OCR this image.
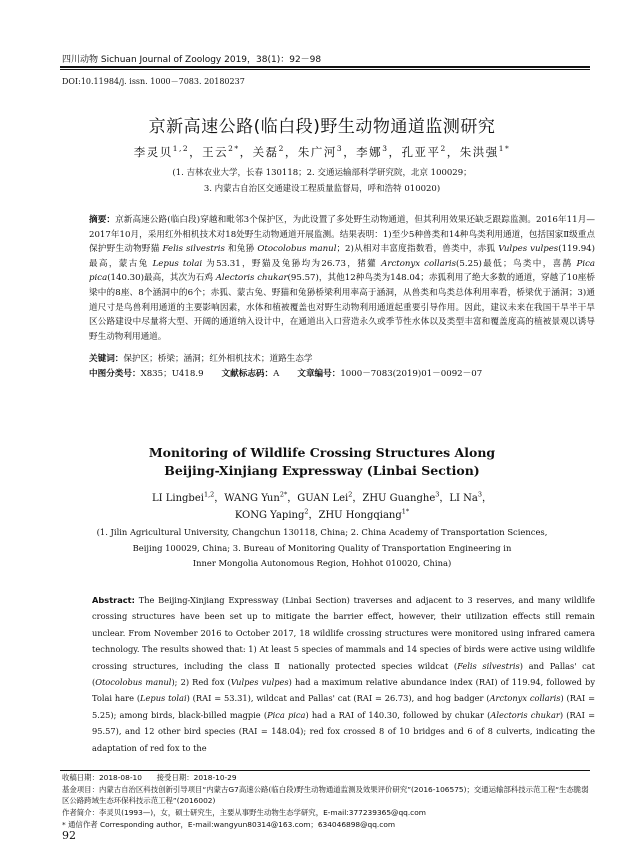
四川动物 Sichuan Journal of Zoology 2019，38(1)：92－98
DOI:10.11984/j. issn. 1000－7083. 20180237
京新高速公路(临白段)野生动物通道监测研究
李灵贝$^{1,2}$，王云$^{2*}$，关磊$^2$，朱广河$^3$，李娜$^3$，孔亚平$^2$，朱洪强$^{1*}$
(1. 吉林农业大学，长春 130118；2. 交通运输部科学研究院，北京 100029；
3. 内蒙古自治区交通建设工程质量监督局，呼和浩特 010020)
摘要：京新高速公路(临白段)穿越和毗邻3个保护区，为此设置了多处野生动物通道，但其利用效果还缺乏跟踪监测。2016年11月—2017年10月，采用红外相机技术对18处野生动物通道开展监测。结果表明：1)至少5种兽类和14种鸟类利用通道，包括国家Ⅱ级重点保护野生动物野猫 Felis silvestris 和兔狲 Otocolobus manul；2)从相对丰富度指数看，兽类中，赤狐 Vulpes vulpes(119.94)最高，蒙古兔 Lepus tolai 为53.31，野猫及兔狲均为26.73，猪獾 Arctonyx collaris(5.25)最低；鸟类中，喜鹊 Pica pica(140.30)最高，其次为石鸡 Alectoris chukar(95.57)，其他12种鸟类为148.04；赤狐利用了绝大多数的通道，穿越了10座桥梁中的8座、8个涵洞中的6个；赤狐、蒙古兔、野猫和兔狲桥梁利用率高于涵洞，从兽类和鸟类总体利用率看，桥梁优于涵洞；3)通道尺寸是鸟兽利用通道的主要影响因素，水体和植被覆盖也对野生动物利用通道起重要引导作用。因此，建议未来在我国干旱半干旱区公路建设中尽量将大型、开阔的通道纳入设计中，在通道出入口营造永久或季节性水体以及类型丰富和覆盖度高的植被景观以诱导野生动物利用通道。
关键词：保护区；桥梁；涵洞；红外相机技术；道路生态学
中图分类号：X835；U418.9 文献标志码：A 文章编号：1000－7083(2019)01－0092－07
Monitoring of Wildlife Crossing Structures Along
Beijing-Xinjiang Expressway (Linbai Section)
LI Lingbei$^{1,2}$，WANG Yun$^{2*}$，GUAN Lei$^2$，ZHU Guanghe$^3$，LI Na$^3$，
KONG Yaping$^2$，ZHU Hongqiang$^{1*}$
(1. Jilin Agricultural University, Changchun 130118, China; 2. China Academy of Transportation Sciences,
Beijing 100029, China; 3. Bureau of Monitoring Quality of Transportation Engineering in
Inner Mongolia Autonomous Region, Hohhot 010020, China)
Abstract: The Beijing-Xinjiang Expressway (Linbai Section) traverses and adjacent to 3 reserves, and many wildlife crossing structures have been set up to mitigate the barrier effect, however, their utilization effects still remain unclear. From November 2016 to October 2017, 18 wildlife crossing structures were monitored using infrared camera technology. The results showed that: 1) At least 5 species of mammals and 14 species of birds were active using wildlife crossing structures, including the class Ⅱ nationally protected species wildcat (Felis silvestris) and Pallas' cat (Otocolobus manul); 2) Red fox (Vulpes vulpes) had a maximum relative abundance index (RAI) of 119.94, followed by Tolai hare (Lepus tolai) (RAI = 53.31), wildcat and Pallas' cat (RAI = 26.73), and hog badger (Arctonyx collaris) (RAI = 5.25); among birds, black-billed magpie (Pica pica) had a RAI of 140.30, followed by chukar (Alectoris chukar) (RAI = 95.57), and 12 other bird species (RAI = 148.04); red fox crossed 8 of 10 bridges and 6 of 8 culverts, indicating the adaptation of red fox to the
收稿日期：2018-08-10　　接受日期：2018-10-29
基金项目：内蒙古自治区科技创新引导项目“内蒙古G7高速公路(临白段)野生动物通道监测及效果评价研究”(2016-106575)；交通运输部科技示范工程“生态脆弱区公路跨域生态环保科技示范工程”(2016002)
作者简介：李灵贝(1993—)，女，硕士研究生，主要从事野生动物生态学研究，E-mail:377239365@qq.com
* 通信作者 Corresponding author，E-mail:wangyun80314@163.com；634046898@qq.com
92
